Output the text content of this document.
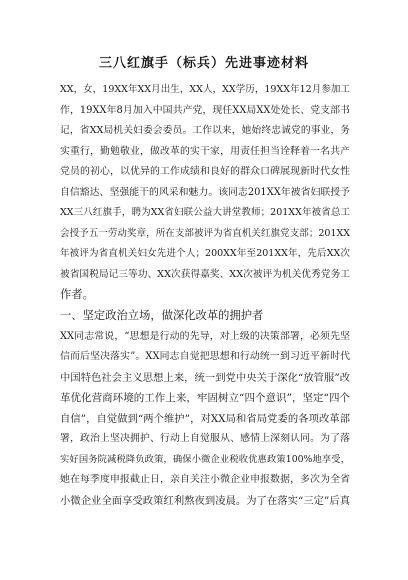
三八红旗手（标兵）先进事迹材料
XX，女，19XX年XX月出生，XX人，XX学历，19XX年12月参加工
作，19XX年8月加入中国共产党，现任XX局XX处处长、党支部书
记，省XX局机关妇委会委员。工作以来，她始终忠诚党的事业，务
实重行，勤勉敬业，做改革的实干家，用责任担当诠释着一名共产
党员的初心，以优异的工作成绩和良好的群众口碑展现新时代女性
自信豁达、坚强能干的风采和魅力。该同志201XX年被省妇联授予
XX三八红旗手，聘为XX省妇联公益大讲堂教师；201XX年被省总工
会授予五一劳动奖章，所在支部被评为省直机关红旗党支部；201XX
年被评为省直机关妇女先进个人；200XX年至201XX年，先后XX次
被省国税局记三等功、XX次获得嘉奖、XX次被评为机关优秀党务工
作者。
一、坚定政治立场，做深化改革的拥护者
XX同志常说，“思想是行动的先导，对上级的决策部署，必须先坚
信而后坚决落实”。XX同志自觉把思想和行动统一到习近平新时代
中国特色社会主义思想上来，统一到党中央关于深化“放管服”改
革优化营商环境的工作上来，牢固树立“四个意识”，坚定“四个
自信”，自觉做到“两个维护”，对XX局和省局党委的各项改革部
署，政治上坚决拥护、行动上自觉服从、感情上深刻认同。为了落
实好国务院减税降负政策，确保小微企业税收优惠政策100%地享受，
她在每季度申报截止日，亲自关注小微企业申报数据，多次为全省
小微企业全面享受政策红利熬夜到凌晨。为了在落实“三定”后真
